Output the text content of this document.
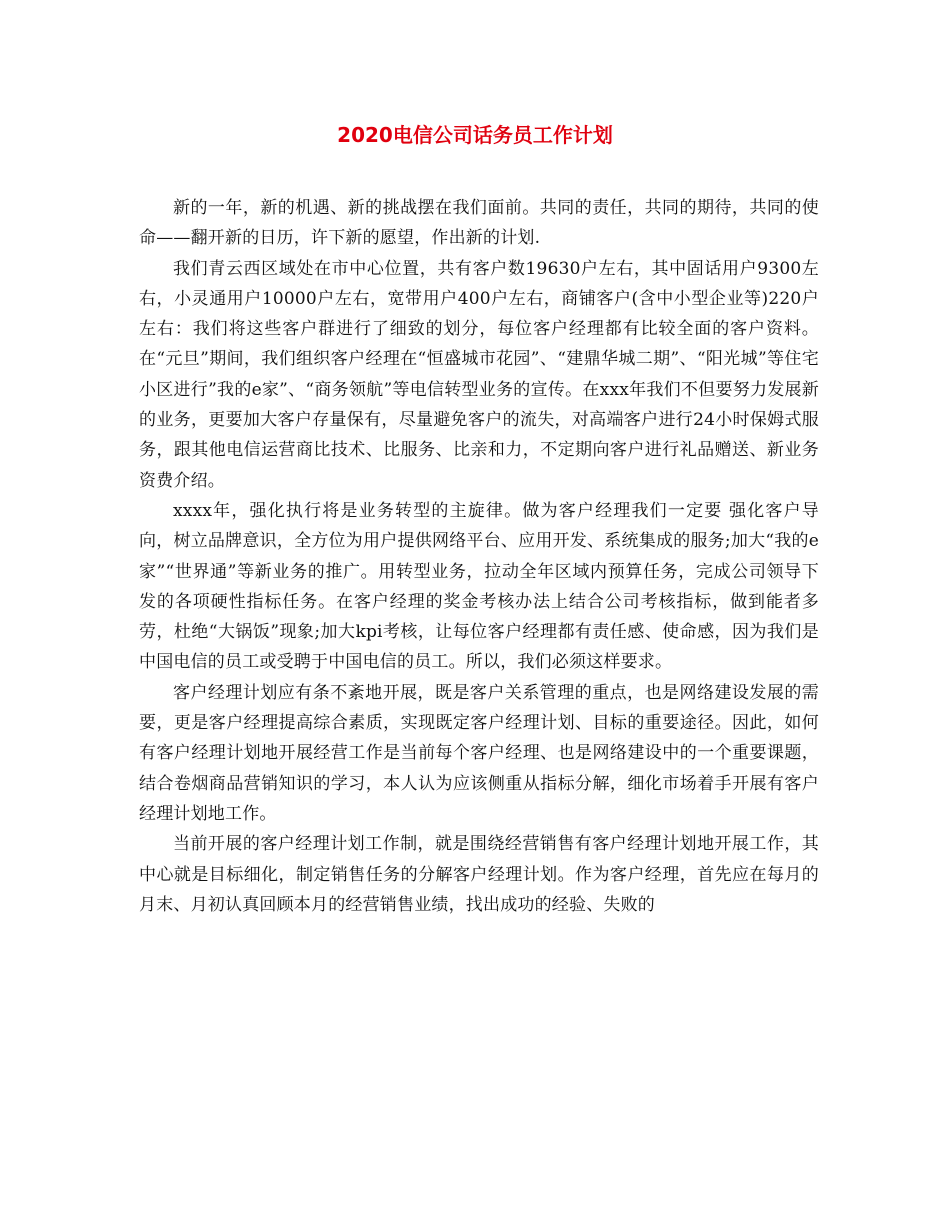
2020电信公司话务员工作计划

新的一年，新的机遇、新的挑战摆在我们面前。共同的责任，共同的期待，共同的使命——翻开新的日历，许下新的愿望，作出新的计划.

我们青云西区域处在市中心位置，共有客户数19630户左右，其中固话用户9300左右，小灵通用户10000户左右，宽带用户400户左右，商铺客户(含中小型企业等)220户左右：我们将这些客户群进行了细致的划分，每位客户经理都有比较全面的客户资料。在“元旦”期间，我们组织客户经理在“恒盛城市花园”、“建鼎华城二期”、“阳光城”等住宅小区进行”我的e家”、“商务领航”等电信转型业务的宣传。在xxx年我们不但要努力发展新的业务，更要加大客户存量保有，尽量避免客户的流失，对高端客户进行24小时保姆式服务，跟其他电信运营商比技术、比服务、比亲和力，不定期向客户进行礼品赠送、新业务资费介绍。

xxxx年，强化执行将是业务转型的主旋律。做为客户经理我们一定要 强化客户导向，树立品牌意识，全方位为用户提供网络平台、应用开发、系统集成的服务;加大“我的e家”“世界通”等新业务的推广。用转型业务，拉动全年区域内预算任务，完成公司领导下发的各项硬性指标任务。在客户经理的奖金考核办法上结合公司考核指标，做到能者多劳，杜绝“大锅饭”现象;加大kpi考核，让每位客户经理都有责任感、使命感，因为我们是中国电信的员工或受聘于中国电信的员工。所以，我们必须这样要求。

客户经理计划应有条不紊地开展，既是客户关系管理的重点，也是网络建设发展的需要，更是客户经理提高综合素质，实现既定客户经理计划、目标的重要途径。因此，如何有客户经理计划地开展经营工作是当前每个客户经理、也是网络建设中的一个重要课题，结合卷烟商品营销知识的学习，本人认为应该侧重从指标分解，细化市场着手开展有客户经理计划地工作。

当前开展的客户经理计划工作制，就是围绕经营销售有客户经理计划地开展工作，其中心就是目标细化，制定销售任务的分解客户经理计划。作为客户经理，首先应在每月的月末、月初认真回顾本月的经营销售业绩，找出成功的经验、失败的
